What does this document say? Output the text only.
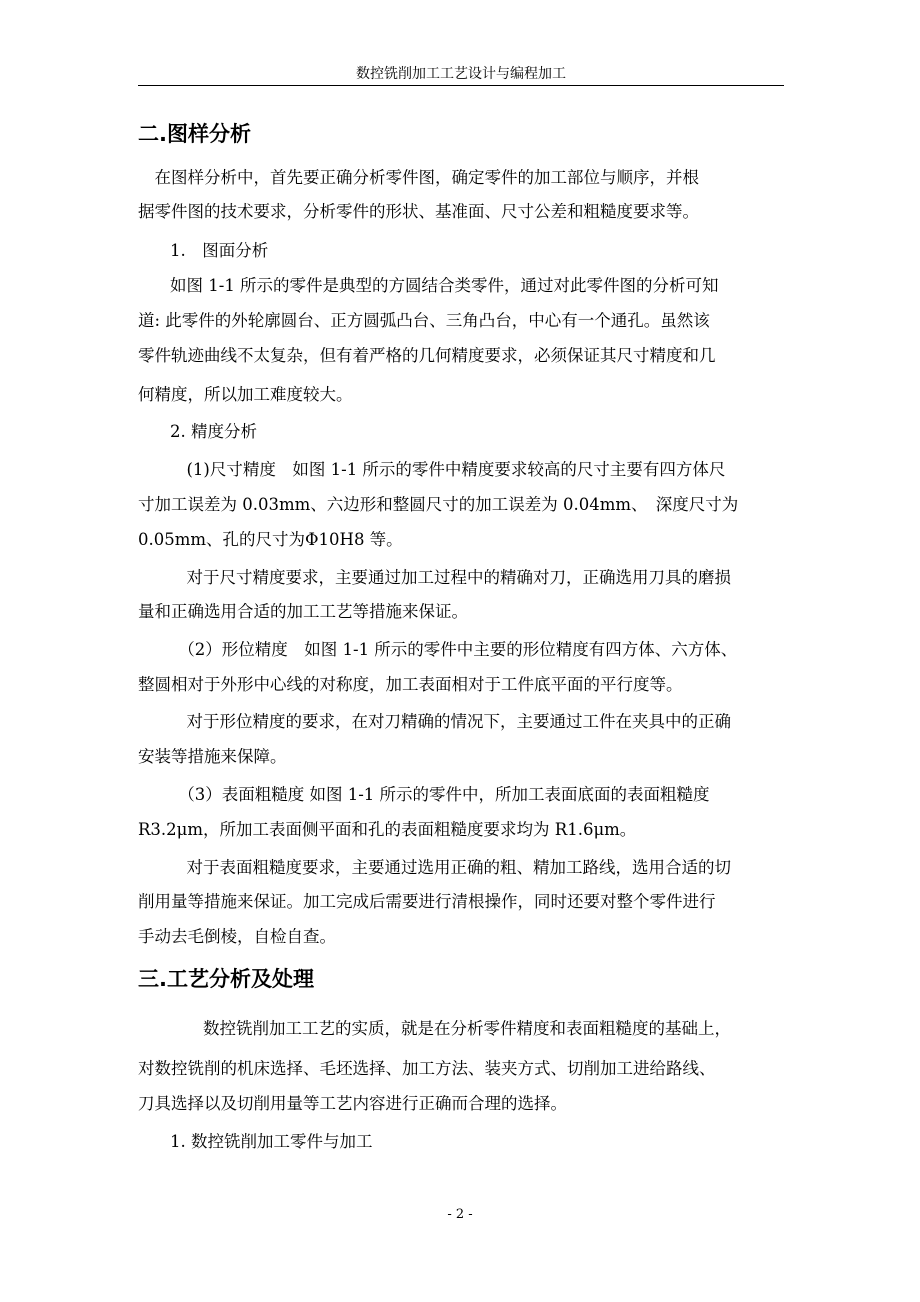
数控铣削加工工艺设计与编程加工
二.图样分析
　在图样分析中，首先要正确分析零件图，确定零件的加工部位与顺序，并根
据零件图的技术要求，分析零件的形状、基准面、尺寸公差和粗糙度要求等。
1.　图面分析
如图 1-1 所示的零件是典型的方圆结合类零件，通过对此零件图的分析可知
道: 此零件的外轮廓圆台、正方圆弧凸台、三角凸台，中心有一个通孔。虽然该
零件轨迹曲线不太复杂，但有着严格的几何精度要求，必须保证其尺寸精度和几
何精度，所以加工难度较大。
2. 精度分析
　(1)尺寸精度　如图 1-1 所示的零件中精度要求较高的尺寸主要有四方体尺
寸加工误差为 0.03mm、六边形和整圆尺寸的加工误差为 0.04mm、　深度尺寸为
0.05mm、孔的尺寸为Φ10H8 等。
　对于尺寸精度要求，主要通过加工过程中的精确对刀，正确选用刀具的磨损
量和正确选用合适的加工工艺等措施来保证。
　（2）形位精度　如图 1-1 所示的零件中主要的形位精度有四方体、六方体、
整圆相对于外形中心线的对称度，加工表面相对于工件底平面的平行度等。
　对于形位精度的要求，在对刀精确的情况下，主要通过工件在夹具中的正确
安装等措施来保障。
　（3）表面粗糙度 如图 1-1 所示的零件中，所加工表面底面的表面粗糙度
R3.2μm，所加工表面侧平面和孔的表面粗糙度要求均为 R1.6μm。
　对于表面粗糙度要求，主要通过选用正确的粗、精加工路线，选用合适的切
削用量等措施来保证。加工完成后需要进行清根操作，同时还要对整个零件进行
手动去毛倒棱，自检自查。
三.工艺分析及处理
　　数控铣削加工工艺的实质，就是在分析零件精度和表面粗糙度的基础上，
对数控铣削的机床选择、毛坯选择、加工方法、装夹方式、切削加工进给路线、
刀具选择以及切削用量等工艺内容进行正确而合理的选择。
1. 数控铣削加工零件与加工
- 2 -
